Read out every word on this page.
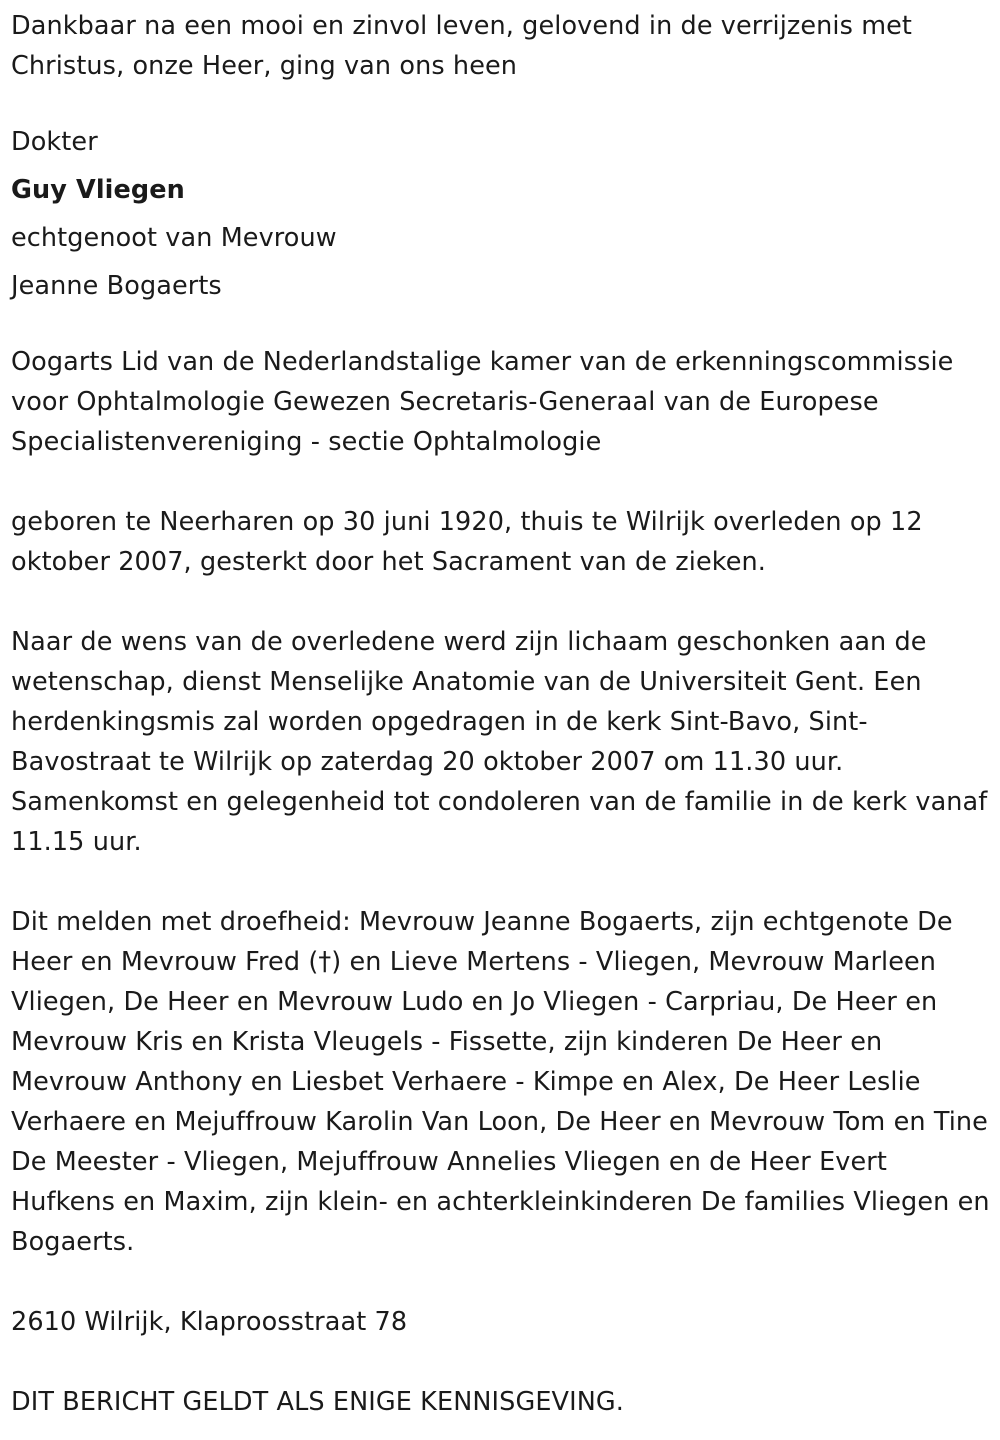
Dankbaar na een mooi en zinvol leven, gelovend in de verrijzenis met Christus, onze Heer, ging van ons heen

Dokter

Guy Vliegen

echtgenoot van Mevrouw

Jeanne Bogaerts

Oogarts Lid van de Nederlandstalige kamer van de erkenningscommissie voor Ophtalmologie Gewezen Secretaris-Generaal van de Europese Specialistenvereniging - sectie Ophtalmologie

geboren te Neerharen op 30 juni 1920, thuis te Wilrijk overleden op 12 oktober 2007, gesterkt door het Sacrament van de zieken.

Naar de wens van de overledene werd zijn lichaam geschonken aan de wetenschap, dienst Menselijke Anatomie van de Universiteit Gent. Een herdenkingsmis zal worden opgedragen in de kerk Sint-Bavo, Sint-Bavostraat te Wilrijk op zaterdag 20 oktober 2007 om 11.30 uur. Samenkomst en gelegenheid tot condoleren van de familie in de kerk vanaf 11.15 uur.

Dit melden met droefheid: Mevrouw Jeanne Bogaerts, zijn echtgenote De Heer en Mevrouw Fred (†) en Lieve Mertens - Vliegen, Mevrouw Marleen Vliegen, De Heer en Mevrouw Ludo en Jo Vliegen - Carpriau, De Heer en Mevrouw Kris en Krista Vleugels - Fissette, zijn kinderen De Heer en Mevrouw Anthony en Liesbet Verhaere - Kimpe en Alex, De Heer Leslie Verhaere en Mejuffrouw Karolin Van Loon, De Heer en Mevrouw Tom en Tine De Meester - Vliegen, Mejuffrouw Annelies Vliegen en de Heer Evert Hufkens en Maxim, zijn klein- en achterkleinkinderen De families Vliegen en Bogaerts.

2610 Wilrijk, Klaproosstraat 78

DIT BERICHT GELDT ALS ENIGE KENNISGEVING.
